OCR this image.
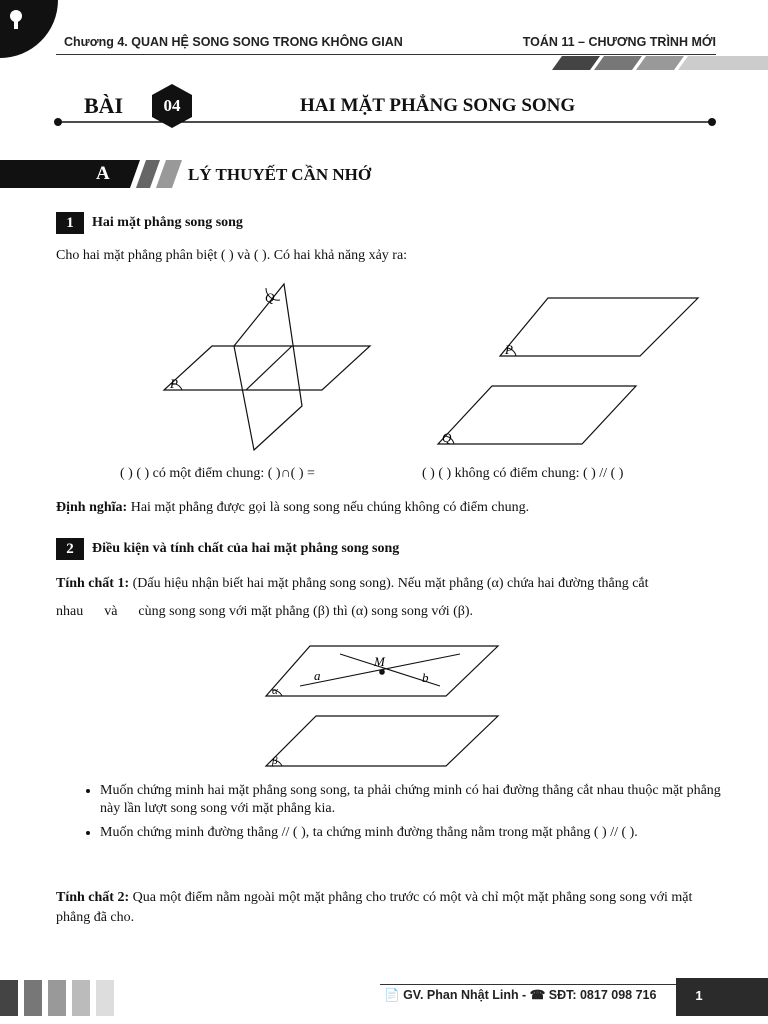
Chương 4. QUAN HỆ SONG SONG TRONG KHÔNG GIAN	TOÁN 11 – CHƯƠNG TRÌNH MỚI
BÀI	04	HAI MẶT PHẲNG SONG SONG
A	LÝ THUYẾT CẦN NHỚ
1	Hai mặt phẳng song song
Cho hai mặt phẳng phân biệt ( ) và ( ). Có hai khả năng xảy ra:
P
Q
P
Q
( ) ( ) có một điểm chung: ( )∩( ) =	( ) ( ) không có điểm chung: ( ) // ( )
Định nghĩa: Hai mặt phẳng được gọi là song song nếu chúng không có điểm chung.
2	Điều kiện và tính chất của hai mặt phẳng song song
Tính chất 1: (Dấu hiệu nhận biết hai mặt phẳng song song). Nếu mặt phẳng (α) chứa hai đường thẳng cắt
nhau      và      cùng song song với mặt phẳng (β) thì (α) song song với (β).
M
a	b
α
β
• Muốn chứng minh hai mặt phẳng song song, ta phải chứng minh có hai đường thẳng cắt nhau thuộc mặt phẳng này lần lượt song song với mặt phẳng kia.
• Muốn chứng minh đường thẳng // ( ), ta chứng minh đường thẳng nằm trong mặt phẳng ( ) // ( ).
Tính chất 2: Qua một điểm nằm ngoài một mặt phẳng cho trước có một và chỉ một mặt phẳng song song với mặt phẳng đã cho.
📄 GV. Phan Nhật Linh - ☎ SĐT: 0817 098 716	1
